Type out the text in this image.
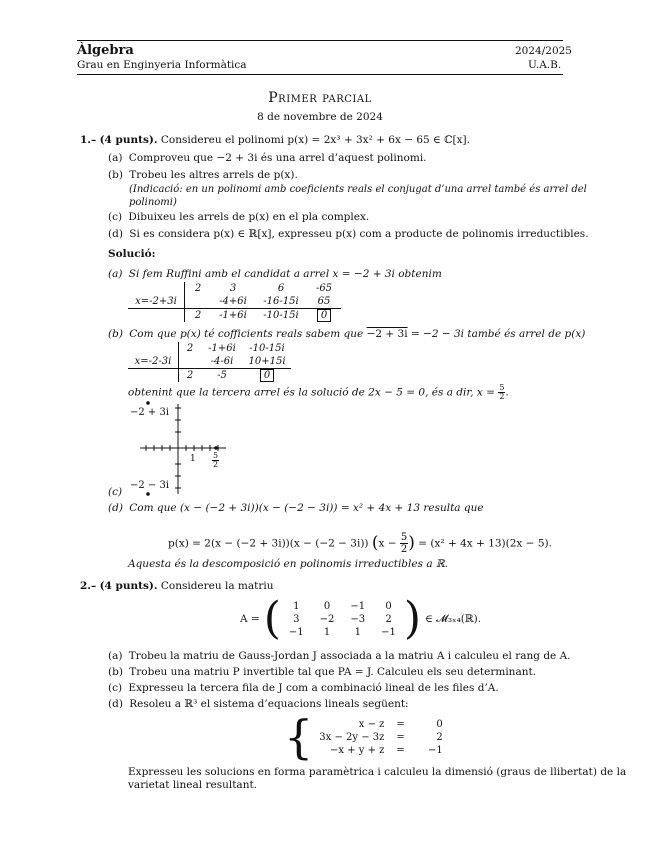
Àlgebra
Grau en Enginyeria Informàtica
2024/2025
U.A.B.
Primer parcial
8 de novembre de 2024
1.– (4 punts). Considereu el polinomi p(x) = 2x³ + 3x² + 6x − 65 ∈ ℂ[x].
(a) Comproveu que −2 + 3i és una arrel d’aquest polinomi.
(b) Trobeu les altres arrels de p(x).
(Indicació: en un polinomi amb coeficients reals el conjugat d’una arrel també és arrel del
polinomi)
(c) Dibuixeu les arrels de p(x) en el pla complex.
(d) Si es considera p(x) ∈ ℝ[x], expresseu p(x) com a producte de polinomis irreductibles.
Solució:
(a) Si fem Ruffini amb el candidat a arrel x = −2 + 3i obtenim
	2	3	6	-65
x=-2+3i		-4+6i	-16-15i	65
	2	-1+6i	-10-15i	0
(b) Com que p(x) té cofficients reals sabem que −2 + 3i = −2 − 3i també és arrel de p(x)
	2	-1+6i	-10-15i
x=-2-3i		-4-6i	10+15i
	2	-5	0
obtenint que la tercera arrel és la solució de 2x − 5 = 0, és a dir, $x = \frac{5}{2}$ .
−2 + 3i
−2 − 3i
$1 \frac{5}{2}$
(c)
(d) Com que (x − (−2 + 3i))(x − (−2 − 3i)) = x² + 4x + 13 resulta que
p(x) = 2(x − (−2 + 3i))(x − (−2 − 3i)) ($x - \frac{5}{2}$ ) = (x² + 4x + 13)(2x − 5).
Aquesta és la descomposició en polinomis irreductibles a ℝ.
2.– (4 punts). Considereu la matriu
A = ( 1	0	−1	0
3	−2	−3	2
−1	1	1	−1 ) ∈ 𝓜₃ₓ₄(ℝ).
(a) Trobeu la matriu de Gauss-Jordan J associada a la matriu A i calculeu el rang de A.
(b) Trobeu una matriu P invertible tal que PA = J. Calculeu els seu determinant.
(c) Expresseu la tercera fila de J com a combinació lineal de les files d’A.
(d) Resoleu a ℝ³ el sistema d’equacions lineals següent:
{	x − z	=	0
3x − 2y − 3z	=	2
−x + y + z	=	−1
Expresseu les solucions en forma paramètrica i calculeu la dimensió (graus de llibertat) de la
varietat lineal resultant.
